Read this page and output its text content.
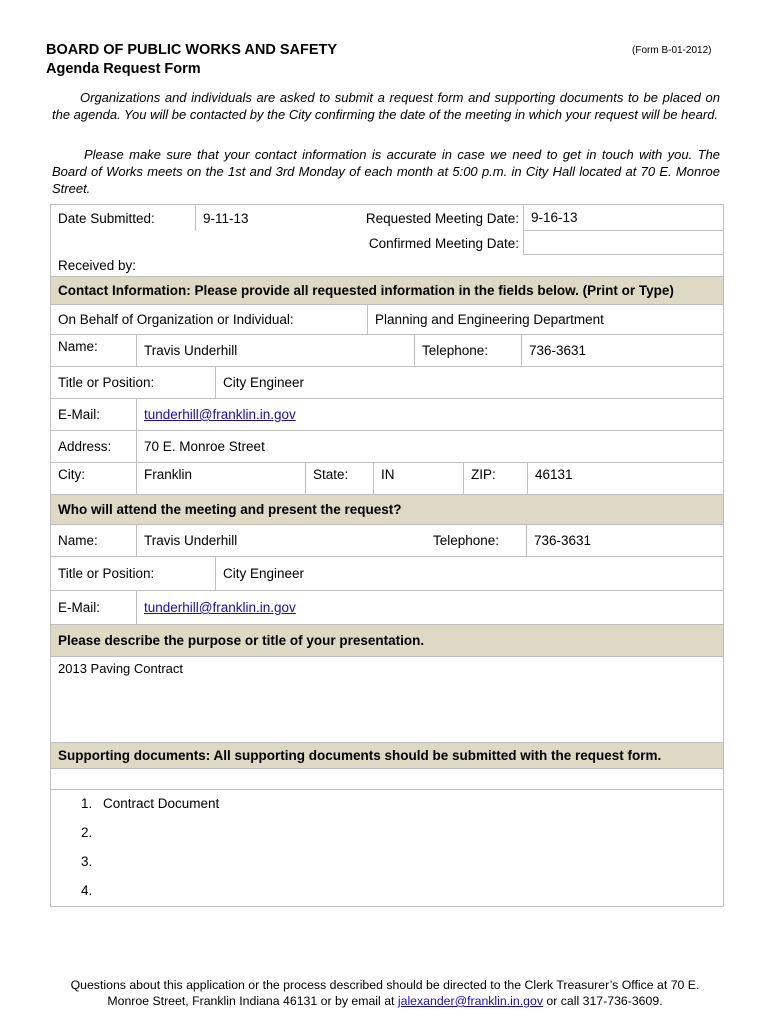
BOARD OF PUBLIC WORKS AND SAFETY
Agenda Request Form
(Form B-01-2012)

Organizations and individuals are asked to submit a request form and supporting documents to be placed on the agenda. You will be contacted by the City confirming the date of the meeting in which your request will be heard.

Please make sure that your contact information is accurate in case we need to get in touch with you. The Board of Works meets on the 1st and 3rd Monday of each month at 5:00 p.m. in City Hall located at 70 E. Monroe Street.

Date Submitted:	9-11-13	Requested Meeting Date: 9-16-13
Confirmed Meeting Date:
Received by:
Contact Information: Please provide all requested information in the fields below. (Print or Type)
On Behalf of Organization or Individual:	Planning and Engineering Department
Name:	Travis Underhill	Telephone:	736-3631
Title or Position:	City Engineer
E-Mail:	tunderhill@franklin.in.gov
Address:	70 E. Monroe Street
City:	Franklin	State:	IN	ZIP:	46131
Who will attend the meeting and present the request?
Name:	Travis Underhill	Telephone:	736-3631
Title or Position:	City Engineer
E-Mail:	tunderhill@franklin.in.gov
Please describe the purpose or title of your presentation.
2013 Paving Contract
Supporting documents: All supporting documents should be submitted with the request form.
1. Contract Document
2.
3.
4.
Questions about this application or the process described should be directed to the Clerk Treasurer’s Office at 70 E.
Monroe Street, Franklin Indiana 46131 or by email at jalexander@franklin.in.gov or call 317-736-3609.
